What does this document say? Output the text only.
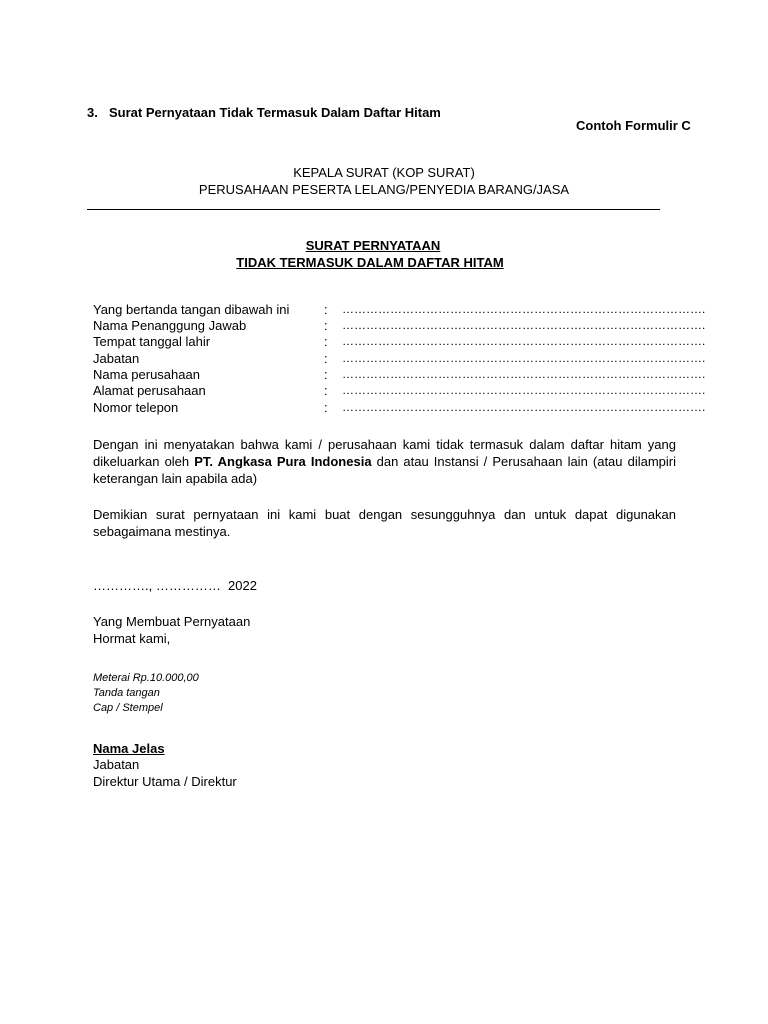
3. Surat Pernyataan Tidak Termasuk Dalam Daftar Hitam
Contoh Formulir C
KEPALA SURAT (KOP SURAT)
PERUSAHAAN PESERTA LELANG/PENYEDIA BARANG/JASA
SURAT PERNYATAAN
TIDAK TERMASUK DALAM DAFTAR HITAM
Yang bertanda tangan dibawah ini	: ……………………………………………………………………………….
Nama Penanggung Jawab	: ……………………………………………………………………………….
Tempat tanggal lahir	: ……………………………………………………………………………….
Jabatan	: ……………………………………………………………………………….
Nama perusahaan	: ……………………………………………………………………………….
Alamat perusahaan	: ……………………………………………………………………………….
Nomor telepon	: ……………………………………………………………………………….
Dengan ini menyatakan bahwa kami / perusahaan kami tidak termasuk dalam daftar hitam yang dikeluarkan oleh PT. Angkasa Pura Indonesia dan atau Instansi / Perusahaan lain (atau dilampiri keterangan lain apabila ada)
Demikian surat pernyataan ini kami buat dengan sesungguhnya dan untuk dapat digunakan sebagaimana mestinya.
…………., ……………  2022
Yang Membuat Pernyataan
Hormat kami,
Meterai Rp.10.000,00
Tanda tangan
Cap / Stempel
Nama Jelas
Jabatan
Direktur Utama / Direktur
